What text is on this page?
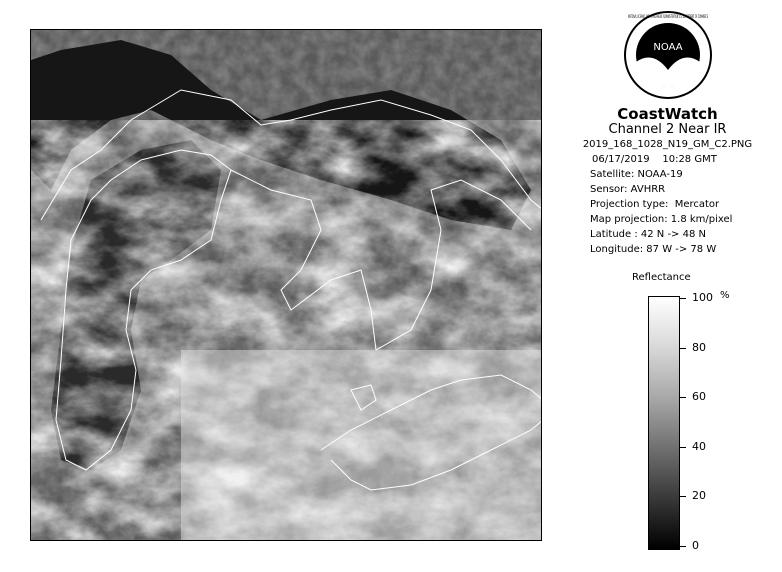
NOAA
NATIONAL OCEANIC AND ATMOSPHERIC ADMINISTRATION U.S. DEPARTMENT OF COMMERCE
CoastWatch
Channel 2 Near IR
2019_168_1028_N19_GM_C2.PNG
06/17/2019    10:28 GMT
Satellite: NOAA-19
Sensor: AVHRR
Projection type:  Mercator
Map projection: 1.8 km/pixel
Latitude : 42 N -> 48 N
Longitude: 87 W -> 78 W
Reflectance
%
100
80
60
40
20
0
